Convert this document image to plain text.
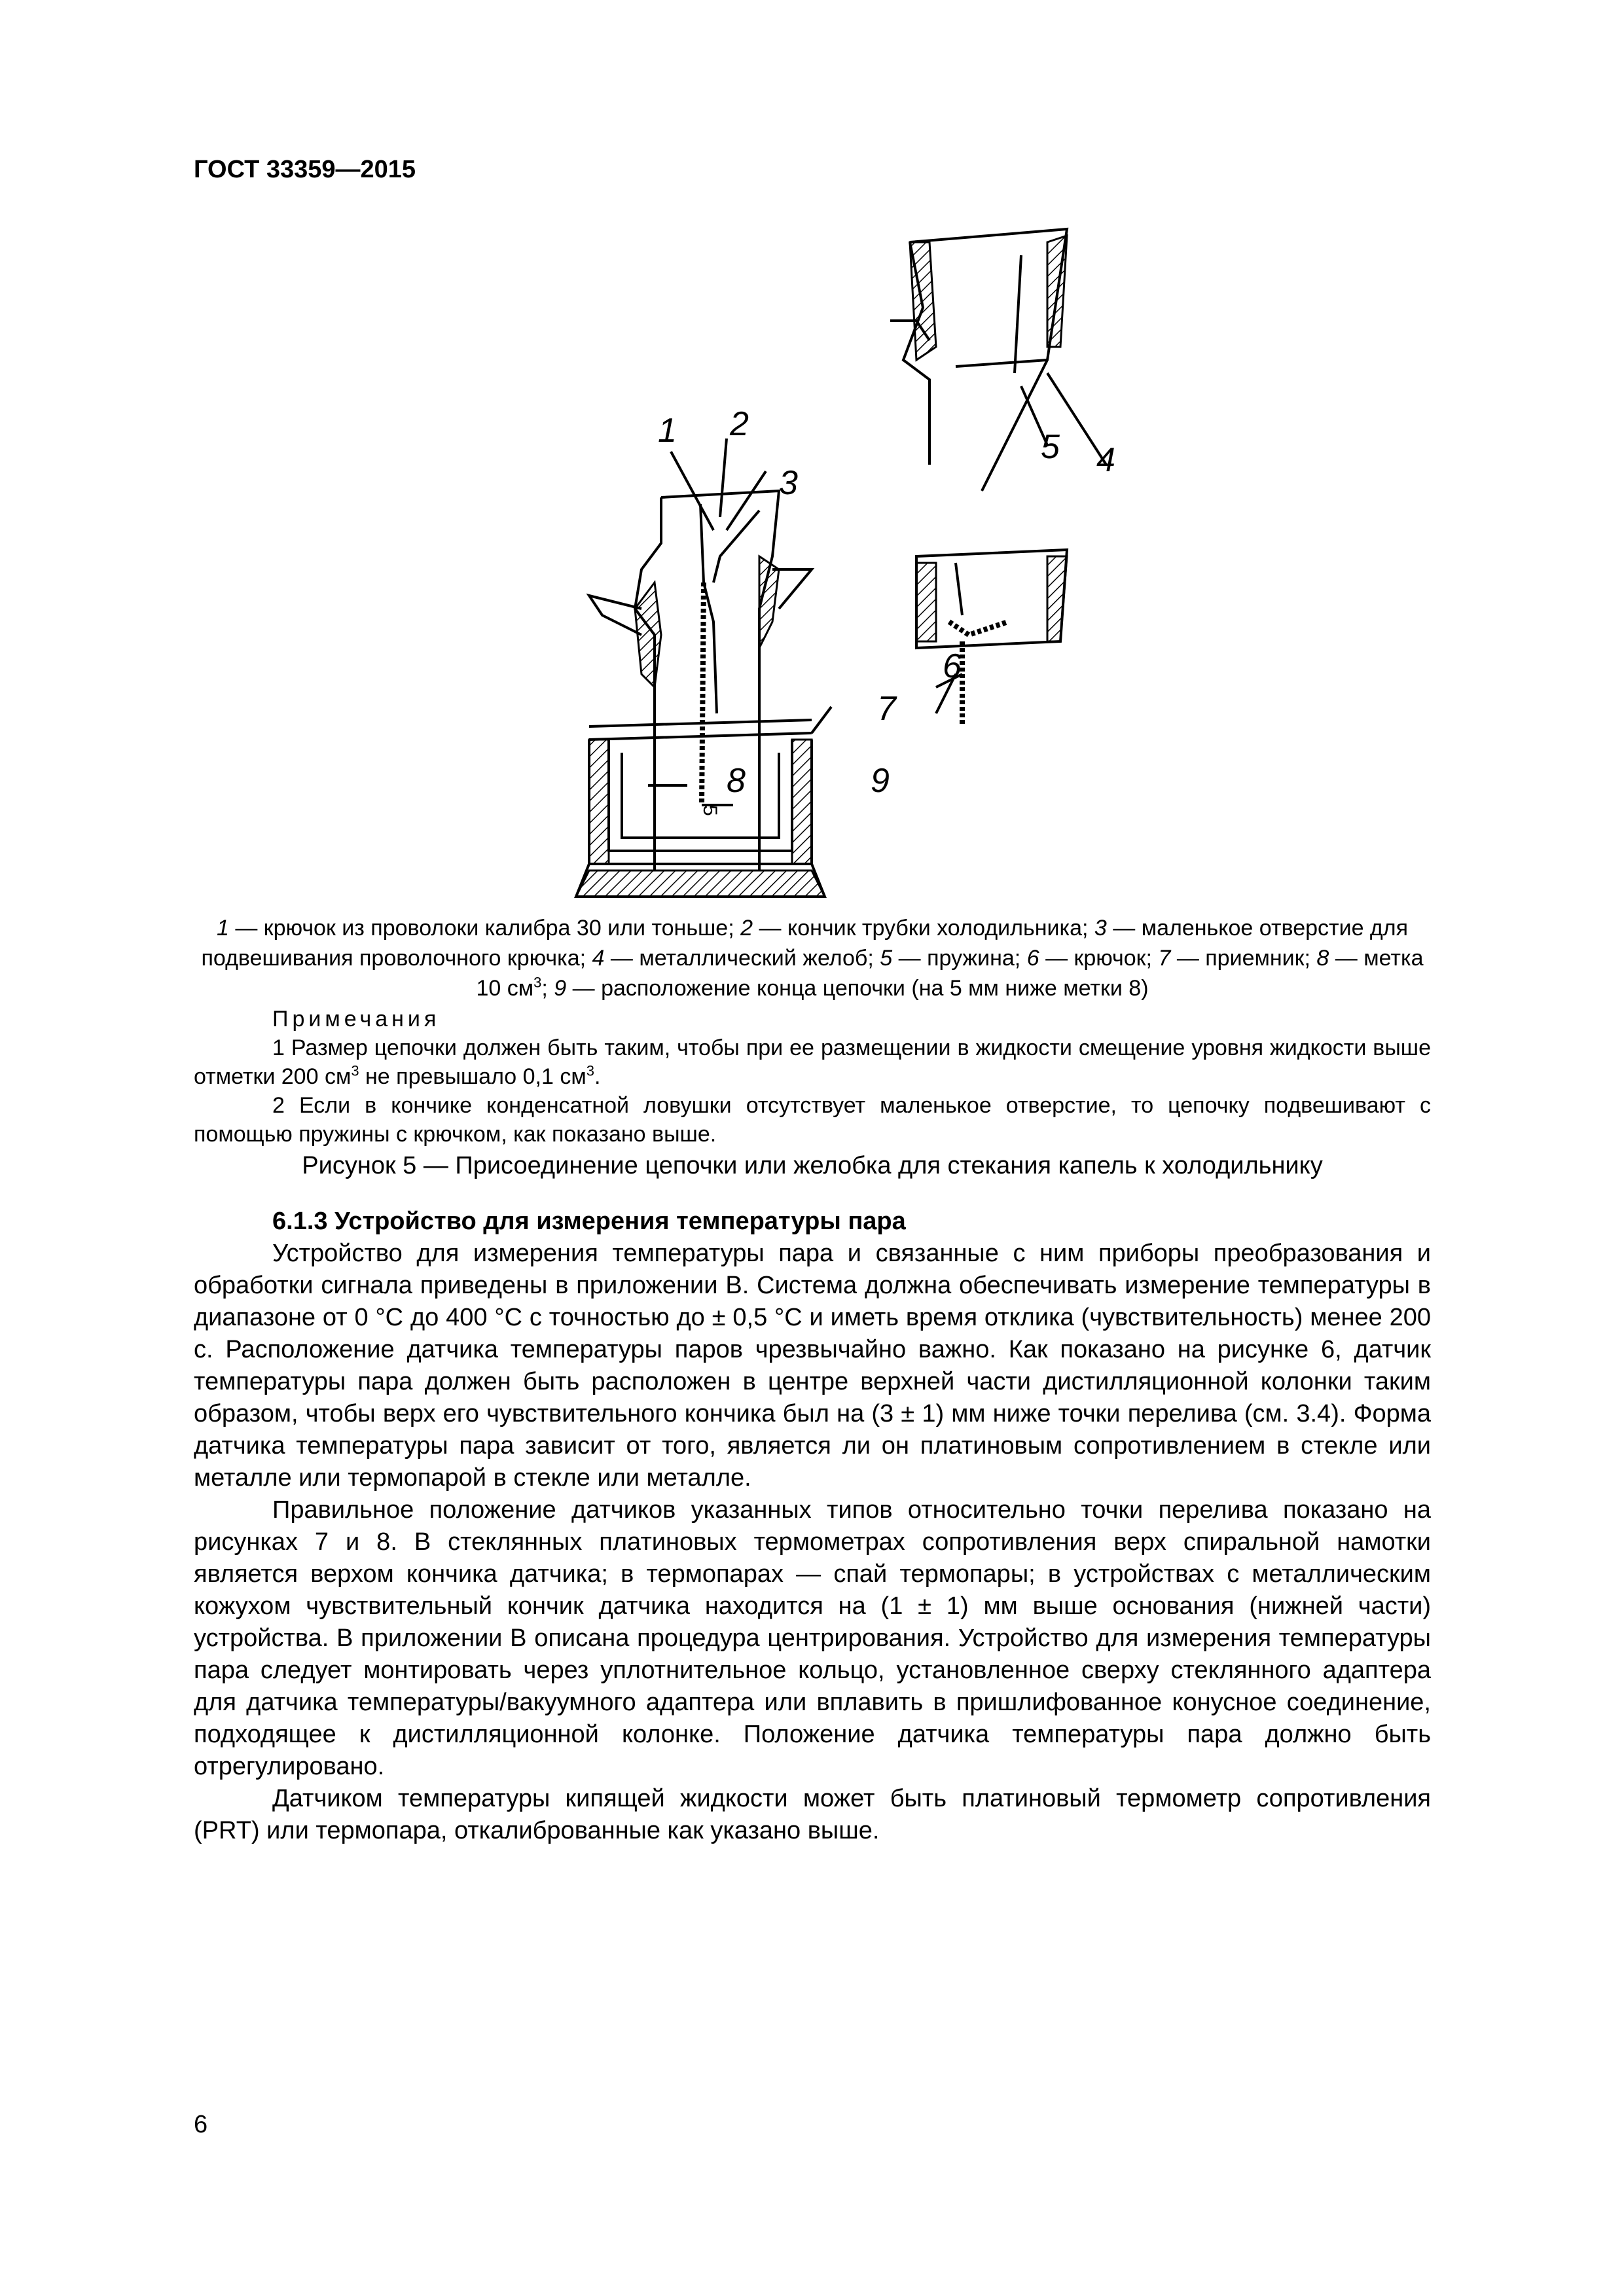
ГОСТ 33359—2015
1 2
3
4
5
6
7
8	9
5
1 — крючок из проволоки калибра 30 или тоньше; 2 — кончик трубки холодильника; 3 — маленькое отверстие для подвешивания проволочного крючка; 4 — металлический желоб; 5 — пружина; 6 — крючок; 7 — приемник; 8 — метка 10 $см^3$; 9 — расположение конца цепочки (на 5 мм ниже метки 8)
Примечания

1 Размер цепочки должен быть таким, чтобы при ее размещении в жидкости смещение уровня жидкости выше отметки 200 $см^3$ не превышало 0,1 $см^3$.

2 Если в кончике конденсатной ловушки отсутствует маленькое отверстие, то цепочку подвешивают с помощью пружины с крючком, как показано выше.

Рисунок 5 — Присоединение цепочки или желобка для стекания капель к холодильнику
6.1.3 Устройство для измерения температуры пара

Устройство для измерения температуры пара и связанные с ним приборы преобразования и обработки сигнала приведены в приложении В. Система должна обеспечивать измерение температуры в диапазоне от 0 °С до 400 °С с точностью до ± 0,5 °С и иметь время отклика (чувствительность) менее 200 с. Расположение датчика температуры паров чрезвычайно важно. Как показано на рисунке 6, датчик температуры пара должен быть расположен в центре верхней части дистилляционной колонки таким образом, чтобы верх его чувствительного кончика был на (3 ± 1) мм ниже точки перелива (см. 3.4). Форма датчика температуры пара зависит от того, является ли он платиновым сопротивлением в стекле или металле или термопарой в стекле или металле.

Правильное положение датчиков указанных типов относительно точки перелива показано на рисунках 7 и 8. В стеклянных платиновых термометрах сопротивления верх спиральной намотки является верхом кончика датчика; в термопарах — спай термопары; в устройствах с металлическим кожухом чувствительный кончик датчика находится на (1 ± 1) мм выше основания (нижней части) устройства. В приложении В описана процедура центрирования. Устройство для измерения температуры пара следует монтировать через уплотнительное кольцо, установленное сверху стеклянного адаптера для датчика температуры/вакуумного адаптера или вплавить в пришлифованное конусное соединение, подходящее к дистилляционной колонке. Положение датчика температуры пара должно быть отрегулировано.

Датчиком температуры кипящей жидкости может быть платиновый термометр сопротивления (PRT) или термопара, откалиброванные как указано выше.

6
